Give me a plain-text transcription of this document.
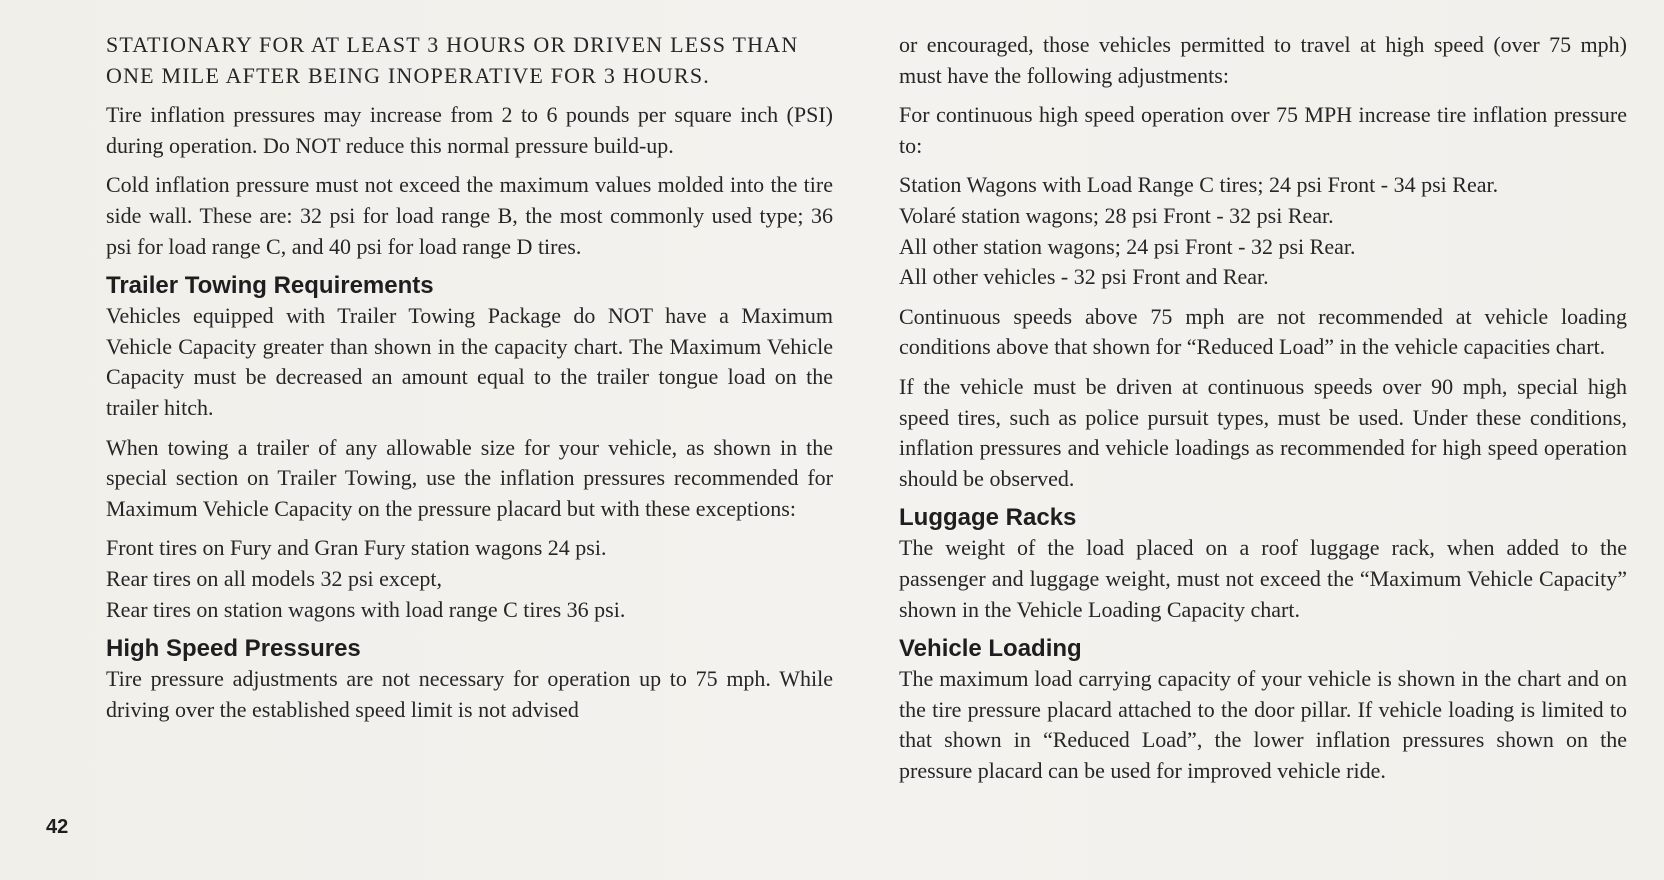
STATIONARY FOR AT LEAST 3 HOURS OR DRIVEN LESS THAN ONE MILE AFTER BEING INOPERATIVE FOR 3 HOURS.

Tire inflation pressures may increase from 2 to 6 pounds per square inch (PSI) during operation. Do NOT reduce this normal pressure build-up.

Cold inflation pressure must not exceed the maximum values molded into the tire side wall. These are: 32 psi for load range B, the most commonly used type; 36 psi for load range C, and 40 psi for load range D tires.

Trailer Towing Requirements

Vehicles equipped with Trailer Towing Package do NOT have a Maximum Vehicle Capacity greater than shown in the capacity chart. The Maximum Vehicle Capacity must be decreased an amount equal to the trailer tongue load on the trailer hitch.

When towing a trailer of any allowable size for your vehicle, as shown in the special section on Trailer Towing, use the inflation pressures recommended for Maximum Vehicle Capacity on the pressure placard but with these exceptions:

Front tires on Fury and Gran Fury station wagons 24 psi.

Rear tires on all models 32 psi except,

Rear tires on station wagons with load range C tires 36 psi.

High Speed Pressures

Tire pressure adjustments are not necessary for operation up to 75 mph. While driving over the established speed limit is not advised

or encouraged, those vehicles permitted to travel at high speed (over 75 mph) must have the following adjustments:

For continuous high speed operation over 75 MPH increase tire inflation pressure to:

Station Wagons with Load Range C tires; 24 psi Front - 34 psi Rear.

Volaré station wagons; 28 psi Front - 32 psi Rear.

All other station wagons; 24 psi Front - 32 psi Rear.

All other vehicles - 32 psi Front and Rear.

Continuous speeds above 75 mph are not recommended at vehicle loading conditions above that shown for “Reduced Load” in the vehicle capacities chart.

If the vehicle must be driven at continuous speeds over 90 mph, special high speed tires, such as police pursuit types, must be used. Under these conditions, inflation pressures and vehicle loadings as recommended for high speed operation should be observed.

Luggage Racks

The weight of the load placed on a roof luggage rack, when added to the passenger and luggage weight, must not exceed the “Maximum Vehicle Capacity” shown in the Vehicle Loading Capacity chart.

Vehicle Loading

The maximum load carrying capacity of your vehicle is shown in the chart and on the tire pressure placard attached to the door pillar. If vehicle loading is limited to that shown in “Reduced Load”, the lower inflation pressures shown on the pressure placard can be used for improved vehicle ride.

42
